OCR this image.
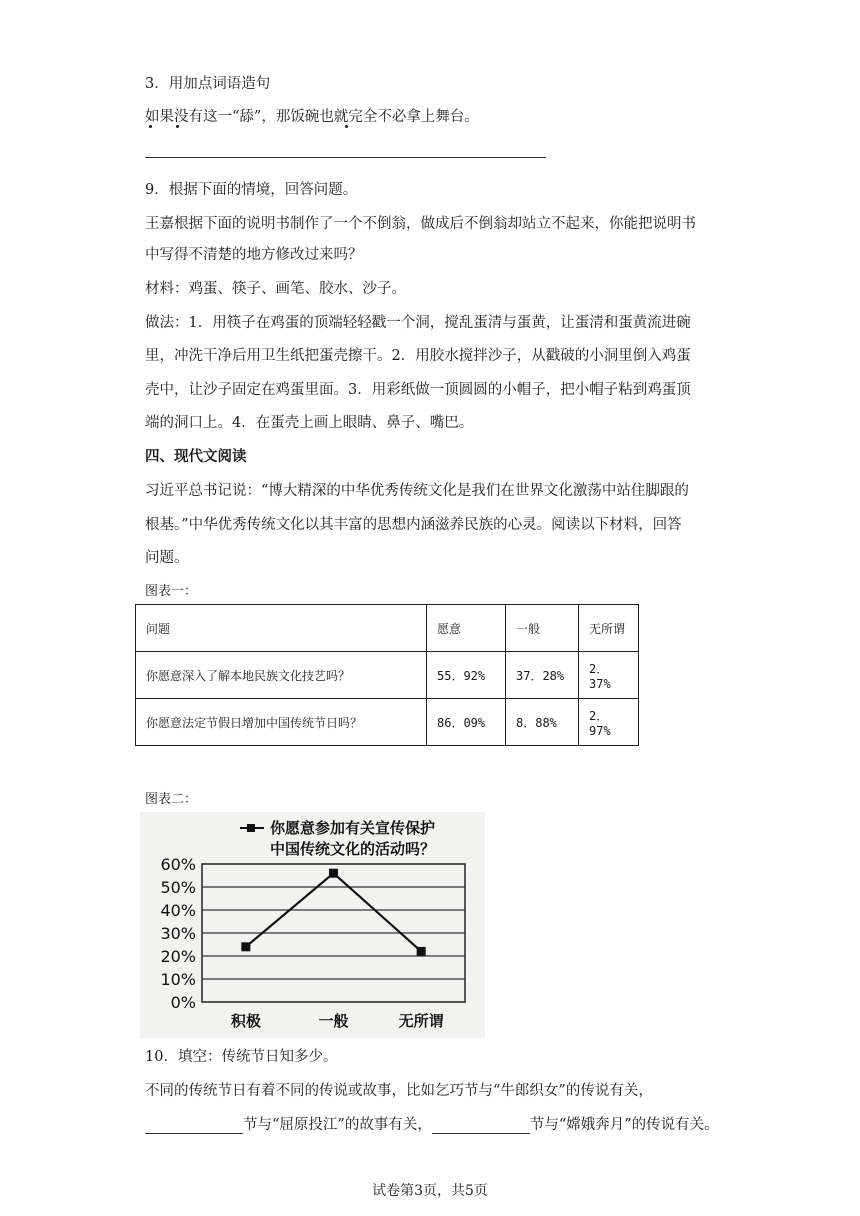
3．用加点词语造句
如果没有这一“舔”，那饭碗也就完全不必拿上舞台。
9．根据下面的情境，回答问题。
王嘉根据下面的说明书制作了一个不倒翁，做成后不倒翁却站立不起来，你能把说明书
中写得不清楚的地方修改过来吗？
材料：鸡蛋、筷子、画笔、胶水、沙子。
做法：1．用筷子在鸡蛋的顶端轻轻戳一个洞，搅乱蛋清与蛋黄，让蛋清和蛋黄流进碗
里，冲洗干净后用卫生纸把蛋壳擦干。2．用胶水搅拌沙子，从戳破的小洞里倒入鸡蛋
壳中，让沙子固定在鸡蛋里面。3．用彩纸做一顶圆圆的小帽子，把小帽子粘到鸡蛋顶
端的洞口上。4．在蛋壳上画上眼睛、鼻子、嘴巴。
四、现代文阅读
习近平总书记说：“博大精深的中华优秀传统文化是我们在世界文化激荡中站住脚跟的
根基。”中华优秀传统文化以其丰富的思想内涵滋养民族的心灵。阅读以下材料，回答
问题。
图表一：
问题	愿意	一般	无所谓
你愿意深入了解本地民族文化技艺吗？	55．92%	37．28%	2．37%
你愿意法定节假日增加中国传统节日吗？	86．09%	8．88%	2．97%
图表二：
你愿意参加有关宣传保护
中国传统文化的活动吗？
60%
50%
40%
30%
20%
10%
0%
积极	一般	无所谓
10．填空：传统节日知多少。
不同的传统节日有着不同的传说或故事，比如乞巧节与“牛郎织女”的传说有关，
节与“屈原投江”的故事有关，	节与“嫦娥奔月”的传说有关。
试卷第3页，共5页
